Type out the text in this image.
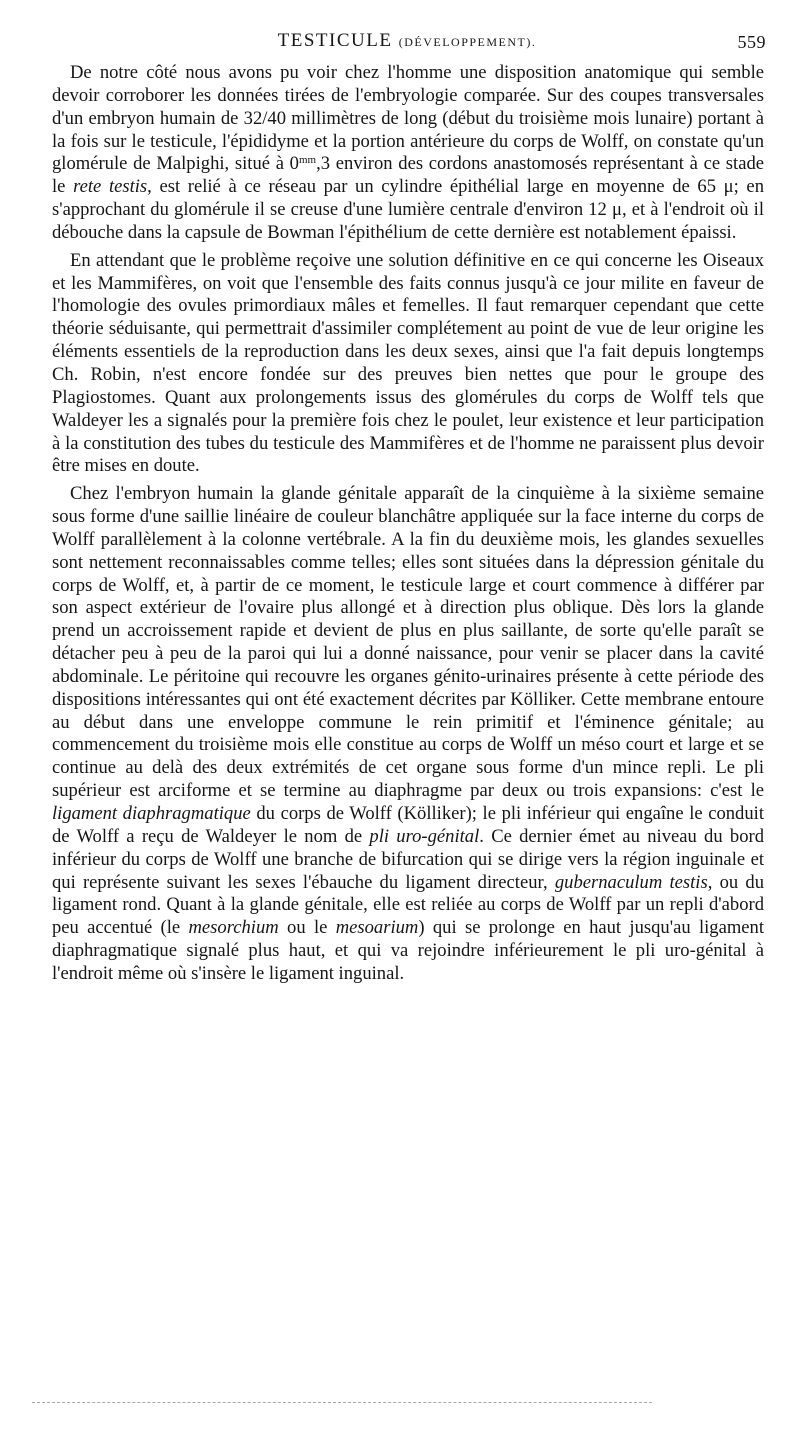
TESTICULE (DÉVELOPPEMENT).	559

De notre côté nous avons pu voir chez l'homme une disposition anatomique qui semble devoir corroborer les données tirées de l'embryologie comparée. Sur des coupes transversales d'un embryon humain de 32/40 millimètres de long (début du troisième mois lunaire) portant à la fois sur le testicule, l'épididyme et la portion antérieure du corps de Wolff, on constate qu'un glomérule de Malpighi, situé à $0^{mm},3$ environ des cordons anastomosés représentant à ce stade le rete testis, est relié à ce réseau par un cylindre épithélial large en moyenne de 65 μ; en s'approchant du glomérule il se creuse d'une lumière centrale d'environ 12 μ, et à l'endroit où il débouche dans la capsule de Bowman l'épithélium de cette dernière est notablement épaissi.

En attendant que le problème reçoive une solution définitive en ce qui concerne les Oiseaux et les Mammifères, on voit que l'ensemble des faits connus jusqu'à ce jour milite en faveur de l'homologie des ovules primordiaux mâles et femelles. Il faut remarquer cependant que cette théorie séduisante, qui permettrait d'assimiler complétement au point de vue de leur origine les éléments essentiels de la reproduction dans les deux sexes, ainsi que l'a fait depuis longtemps Ch. Robin, n'est encore fondée sur des preuves bien nettes que pour le groupe des Plagiostomes. Quant aux prolongements issus des glomérules du corps de Wolff tels que Waldeyer les a signalés pour la première fois chez le poulet, leur existence et leur participation à la constitution des tubes du testicule des Mammifères et de l'homme ne paraissent plus devoir être mises en doute.

Chez l'embryon humain la glande génitale apparaît de la cinquième à la sixième semaine sous forme d'une saillie linéaire de couleur blanchâtre appliquée sur la face interne du corps de Wolff parallèlement à la colonne vertébrale. A la fin du deuxième mois, les glandes sexuelles sont nettement reconnaissables comme telles; elles sont situées dans la dépression génitale du corps de Wolff, et, à partir de ce moment, le testicule large et court commence à différer par son aspect extérieur de l'ovaire plus allongé et à direction plus oblique. Dès lors la glande prend un accroissement rapide et devient de plus en plus saillante, de sorte qu'elle paraît se détacher peu à peu de la paroi qui lui a donné naissance, pour venir se placer dans la cavité abdominale. Le péritoine qui recouvre les organes génito-urinaires présente à cette période des dispositions intéressantes qui ont été exactement décrites par Kölliker. Cette membrane entoure au début dans une enveloppe commune le rein primitif et l'éminence génitale; au commencement du troisième mois elle constitue au corps de Wolff un méso court et large et se continue au delà des deux extrémités de cet organe sous forme d'un mince repli. Le pli supérieur est arciforme et se termine au diaphragme par deux ou trois expansions: c'est le ligament diaphragmatique du corps de Wolff (Kölliker); le pli inférieur qui engaîne le conduit de Wolff a reçu de Waldeyer le nom de pli uro-génital. Ce dernier émet au niveau du bord inférieur du corps de Wolff une branche de bifurcation qui se dirige vers la région inguinale et qui représente suivant les sexes l'ébauche du ligament directeur, gubernaculum testis, ou du ligament rond. Quant à la glande génitale, elle est reliée au corps de Wolff par un repli d'abord peu accentué (le mesorchium ou le mesoarium) qui se prolonge en haut jusqu'au ligament diaphragmatique signalé plus haut, et qui va rejoindre inférieurement le pli uro-génital à l'endroit même où s'insère le ligament inguinal.
